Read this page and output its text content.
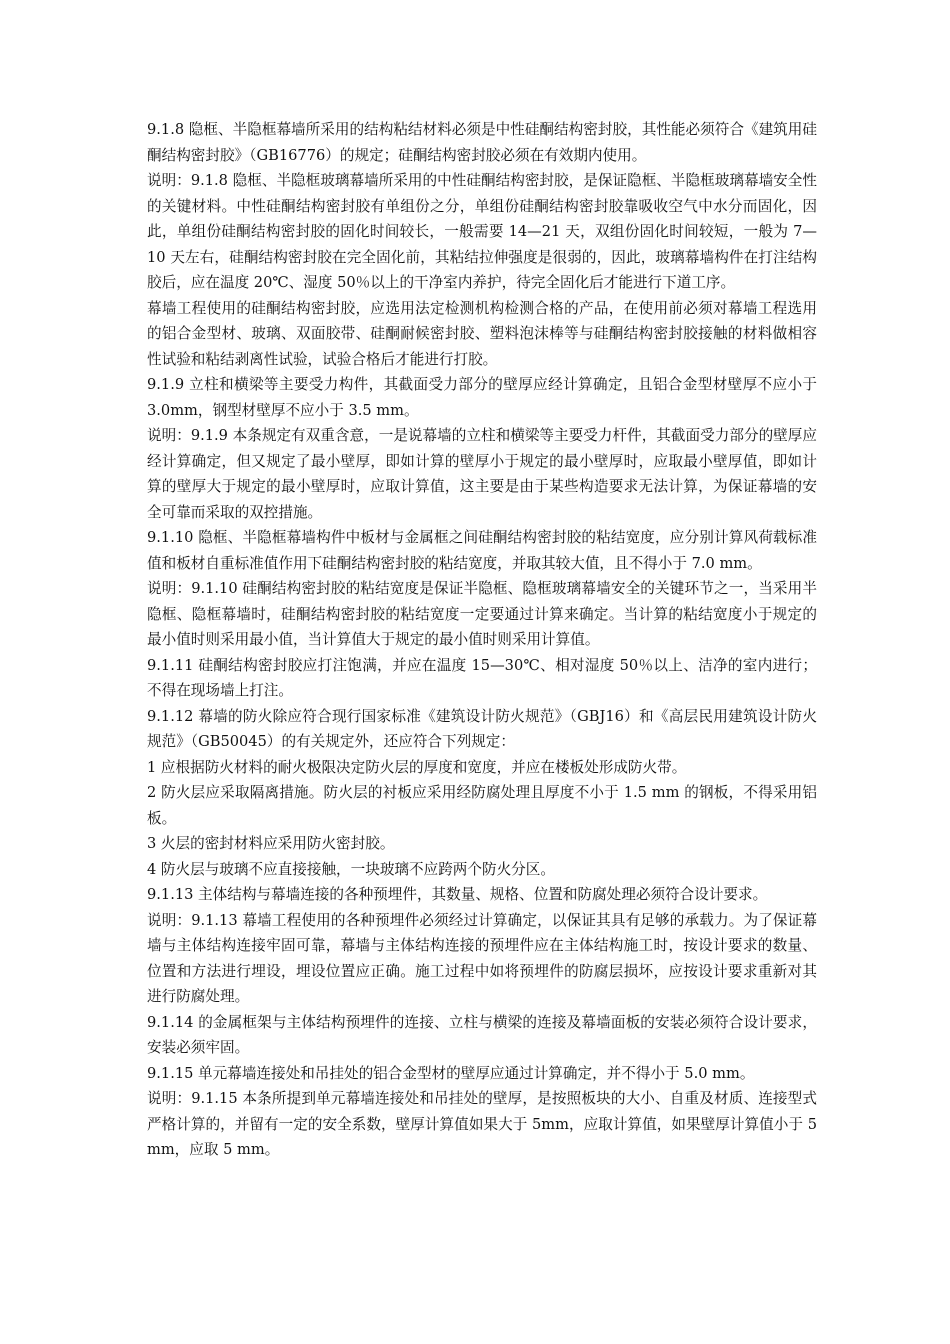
9.1.8 隐框、半隐框幕墙所采用的结构粘结材料必须是中性硅酮结构密封胶，其性能必须符合《建筑用硅酮结构密封胶》（GB16776）的规定；硅酮结构密封胶必须在有效期内使用。

说明：9.1.8 隐框、半隐框玻璃幕墙所采用的中性硅酮结构密封胶，是保证隐框、半隐框玻璃幕墙安全性的关键材料。中性硅酮结构密封胶有单组份之分，单组份硅酮结构密封胶靠吸收空气中水分而固化，因此，单组份硅酮结构密封胶的固化时间较长，一般需要 14—21 天，双组份固化时间较短，一般为 7—10 天左右，硅酮结构密封胶在完全固化前，其粘结拉伸强度是很弱的，因此，玻璃幕墙构件在打注结构胶后，应在温度 20℃、湿度 50％以上的干净室内养护，待完全固化后才能进行下道工序。

幕墙工程使用的硅酮结构密封胶，应选用法定检测机构检测合格的产品，在使用前必须对幕墙工程选用的铝合金型材、玻璃、双面胶带、硅酮耐候密封胶、塑料泡沫棒等与硅酮结构密封胶接触的材料做相容性试验和粘结剥离性试验，试验合格后才能进行打胶。

9.1.9 立柱和横梁等主要受力构件，其截面受力部分的壁厚应经计算确定，且铝合金型材壁厚不应小于 3.0mm，钢型材壁厚不应小于 3.5 mm。

说明：9.1.9 本条规定有双重含意，一是说幕墙的立柱和横梁等主要受力杆件，其截面受力部分的壁厚应经计算确定，但又规定了最小壁厚，即如计算的壁厚小于规定的最小壁厚时，应取最小壁厚值，即如计算的壁厚大于规定的最小壁厚时，应取计算值，这主要是由于某些构造要求无法计算，为保证幕墙的安全可靠而采取的双控措施。

9.1.10 隐框、半隐框幕墙构件中板材与金属框之间硅酮结构密封胶的粘结宽度，应分别计算风荷载标准值和板材自重标准值作用下硅酮结构密封胶的粘结宽度，并取其较大值，且不得小于 7.0 mm。

说明：9.1.10 硅酮结构密封胶的粘结宽度是保证半隐框、隐框玻璃幕墙安全的关键环节之一，当采用半隐框、隐框幕墙时，硅酮结构密封胶的粘结宽度一定要通过计算来确定。当计算的粘结宽度小于规定的最小值时则采用最小值，当计算值大于规定的最小值时则采用计算值。

9.1.11 硅酮结构密封胶应打注饱满，并应在温度 15—30℃、相对湿度 50％以上、洁净的室内进行；不得在现场墙上打注。

9.1.12 幕墙的防火除应符合现行国家标准《建筑设计防火规范》（GBJ16）和《高层民用建筑设计防火规范》（GB50045）的有关规定外，还应符合下列规定：

1 应根据防火材料的耐火极限决定防火层的厚度和宽度，并应在楼板处形成防火带。

2 防火层应采取隔离措施。防火层的衬板应采用经防腐处理且厚度不小于 1.5 mm 的钢板，不得采用铝板。

3 火层的密封材料应采用防火密封胶。

4 防火层与玻璃不应直接接触，一块玻璃不应跨两个防火分区。

9.1.13 主体结构与幕墙连接的各种预埋件，其数量、规格、位置和防腐处理必须符合设计要求。

说明：9.1.13 幕墙工程使用的各种预埋件必须经过计算确定，以保证其具有足够的承载力。为了保证幕墙与主体结构连接牢固可靠，幕墙与主体结构连接的预埋件应在主体结构施工时，按设计要求的数量、位置和方法进行埋设，埋设位置应正确。施工过程中如将预埋件的防腐层损坏，应按设计要求重新对其进行防腐处理。

9.1.14 的金属框架与主体结构预埋件的连接、立柱与横梁的连接及幕墙面板的安装必须符合设计要求，安装必须牢固。

9.1.15 单元幕墙连接处和吊挂处的铝合金型材的壁厚应通过计算确定，并不得小于 5.0 mm。

说明：9.1.15 本条所提到单元幕墙连接处和吊挂处的壁厚，是按照板块的大小、自重及材质、连接型式严格计算的，并留有一定的安全系数，壁厚计算值如果大于 5mm，应取计算值，如果壁厚计算值小于 5 mm，应取 5 mm。
